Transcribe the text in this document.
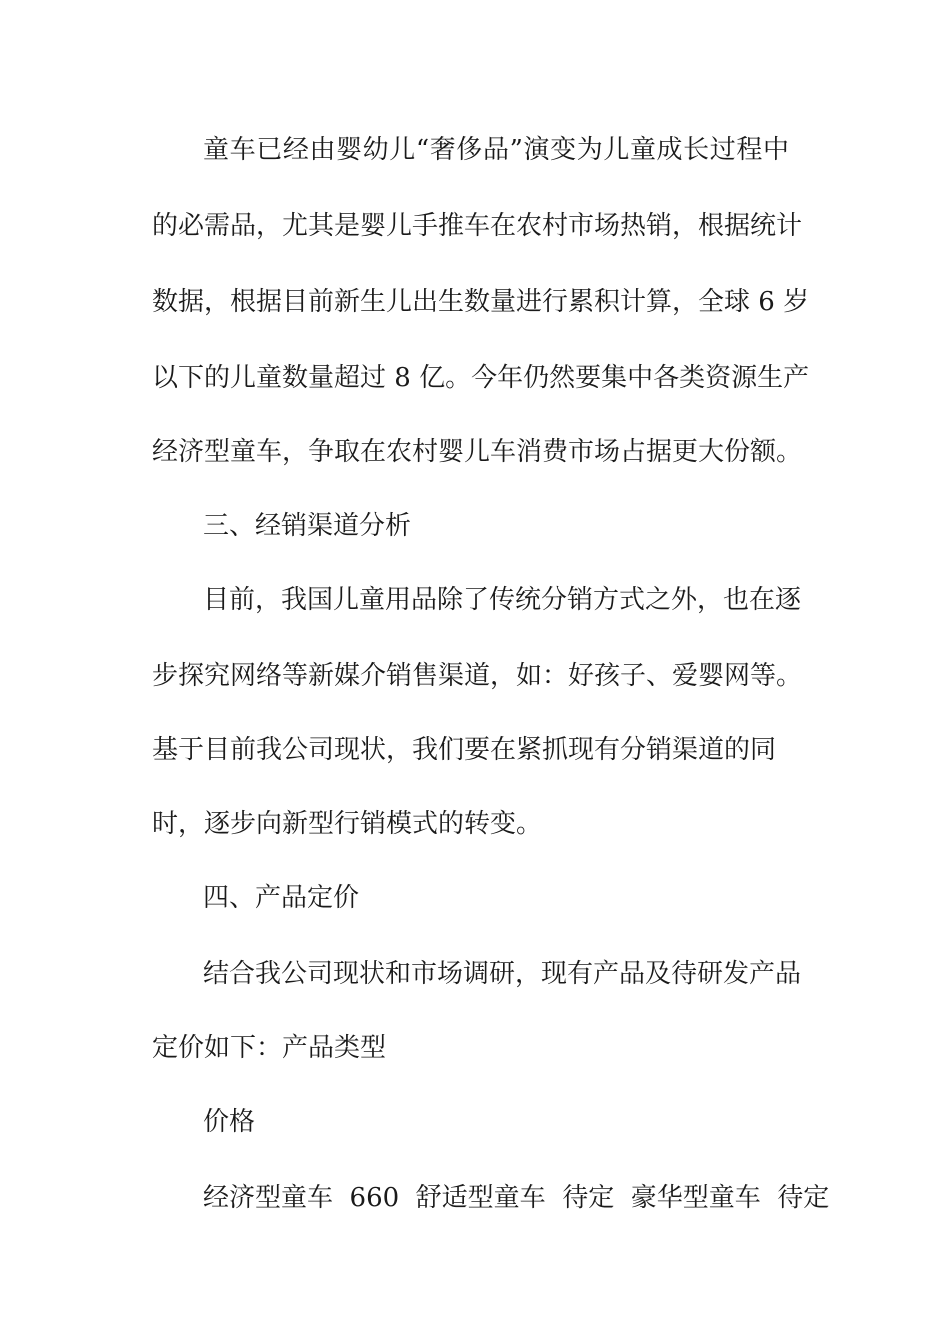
童车已经由婴幼儿“奢侈品”演变为儿童成长过程中
的必需品，尤其是婴儿手推车在农村市场热销，根据统计
数据，根据目前新生儿出生数量进行累积计算，全球 6 岁
以下的儿童数量超过 8 亿。今年仍然要集中各类资源生产
经济型童车，争取在农村婴儿车消费市场占据更大份额。
三、经销渠道分析
目前，我国儿童用品除了传统分销方式之外，也在逐
步探究网络等新媒介销售渠道，如：好孩子、爱婴网等。
基于目前我公司现状，我们要在紧抓现有分销渠道的同
时，逐步向新型行销模式的转变。
四、产品定价
结合我公司现状和市场调研，现有产品及待研发产品
定价如下：产品类型
价格
经济型童车  660  舒适型童车  待定  豪华型童车  待定
